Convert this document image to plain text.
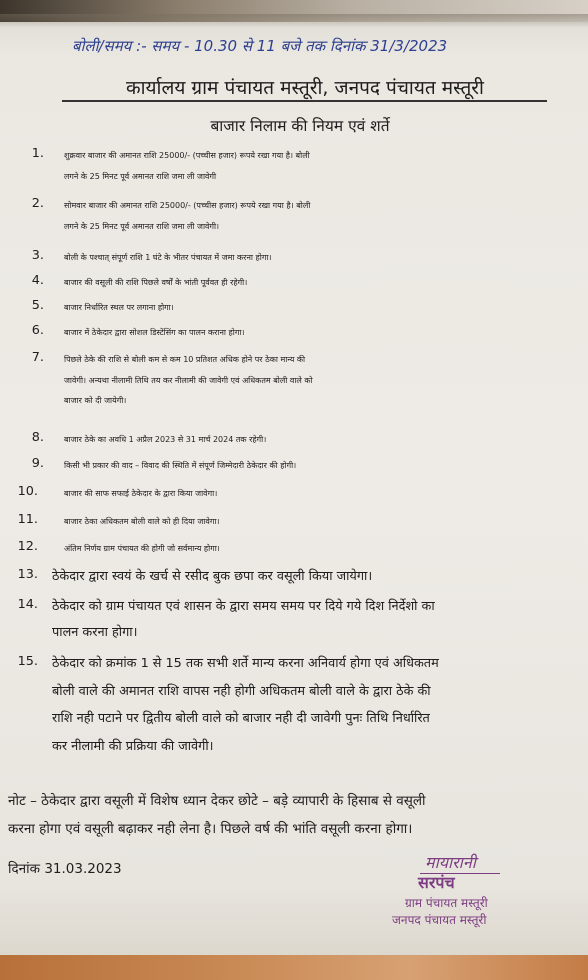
बोली/समय :- समय - 10.30 से 11 बजे तक दिनांक 31/3/2023
कार्यालय ग्राम पंचायत मस्तूरी, जनपद पंचायत मस्तूरी
बाजार निलाम की नियम एवं शर्ते
1.	शुक्रवार बाजार की अमानत राशि 25000/- (पच्चीस हजार) रूपये रखा गया है। बोली
लगने के 25 मिनट पूर्व अमानत राशि जमा ली जावेगी
2.	सोमवार बाजार की अमानत राशि 25000/- (पच्चीस हजार) रूपये रखा गया है। बोली
लगने के 25 मिनट पूर्व अमानत राशि जमा ली जावेगी।
3.	बोली के पश्चात् संपूर्ण राशि 1 घंटे के भीतर पंचायत में जमा करना होगा।
4.	बाजार की वसूली की राशि पिछले वर्षों के भांती पूर्ववत ही रहेगी।
5.	बाजार निर्धारित स्थल पर लगाना होगा।
6.	बाजार में ठेकेदार द्वारा सोशल डिस्टेंसिंग का पालन कराना होगा।
7.	पिछले ठेके की राशि से बोली कम से कम 10 प्रतिशत अधिक होने पर ठेका मान्य की
जावेगी। अन्यथा नीलामी तिथि तय कर नीलामी की जावेगी एवं अधिकतम बोली वाले को
बाजार को दी जायेगी।
8.	बाजार ठेके का अवधि 1 अप्रैल 2023 से 31 मार्च 2024 तक रहेगी।
9.	किसी भी प्रकार की वाद – विवाद की स्थिति में संपूर्ण जिम्मेदारी ठेकेदार की होगी।
10.	बाजार की साफ सफाई ठेकेदार के द्वारा किया जावेगा।
11.	बाजार ठेका अधिकतम बोली वाले को ही दिया जावेगा।
12.	अंतिम निर्णय ग्राम पंचायत की होगी जो सर्वमान्य होगा।
13. ठेकेदार द्वारा स्वयं के खर्च से रसीद बुक छपा कर वसूली किया जायेगा।
14. ठेकेदार को ग्राम पंचायत एवं शासन के द्वारा समय समय पर दिये गये दिश निर्देशो का
पालन करना होगा।
15. ठेकेदार को क्रमांक 1 से 15 तक सभी शर्ते मान्य करना अनिवार्य होगा एवं अधिकतम
बोली वाले की अमानत राशि वापस नही होगी अधिकतम बोली वाले के द्वारा ठेके की
राशि नही पटाने पर द्वितीय बोली वाले को बाजार नही दी जावेगी पुनः तिथि निर्धारित
कर नीलामी की प्रक्रिया की जावेगी।
नोट – ठेकेदार द्वारा वसूली में विशेष ध्यान देकर छोटे – बड़े व्यापारी के हिसाब से वसूली
करना होगा एवं वसूली बढ़ाकर नही लेना है। पिछले वर्ष की भांति वसूली करना होगा।
दिनांक 31.03.2023	मायारानी
सरपंच
ग्राम पंचायत मस्तूरी
जनपद पंचायत मस्तूरी
